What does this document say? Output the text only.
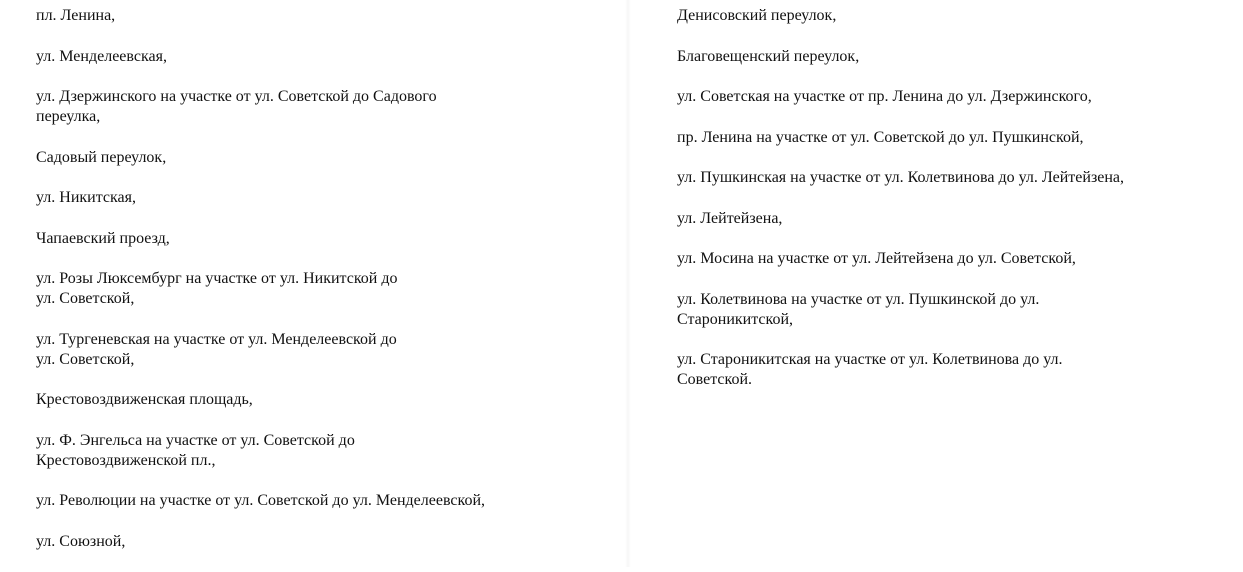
пл. Ленина,

ул. Менделеевская,

ул. Дзержинского на участке от ул. Советской до Садового
переулка,

Садовый переулок,

ул. Никитская,

Чапаевский проезд,

ул. Розы Люксембург на участке от ул. Никитской до
ул. Советской,

ул. Тургеневская на участке от ул. Менделеевской до
ул. Советской,

Крестовоздвиженская площадь,

ул. Ф. Энгельса на участке от ул. Советской до
Крестовоздвиженской пл.,

ул. Революции на участке от ул. Советской до ул. Менделеевской,

ул. Союзной,

Денисовский переулок,

Благовещенский переулок,

ул. Советская на участке от пр. Ленина до ул. Дзержинского,

пр. Ленина на участке от ул. Советской до ул. Пушкинской,

ул. Пушкинская на участке от ул. Колетвинова до ул. Лейтейзена,

ул. Лейтейзена,

ул. Мосина на участке от ул. Лейтейзена до ул. Советской,

ул. Колетвинова на участке от ул. Пушкинской до ул.
Староникитской,

ул. Староникитская на участке от ул. Колетвинова до ул.
Советской.
